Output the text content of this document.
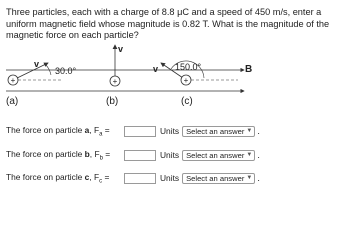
Three particles, each with a charge of 8.8 μC and a speed of 450 m/s, enter a uniform magnetic field whose magnitude is 0.82 T. What is the magnitude of the magnetic force on each particle?
B
+
v
30.0°
(a)
+
v
(b)
+
v 150.0°
(c)
The force on particle a, $F_a$ =	Units Select an answer ▼ .
The force on particle b, $F_b$ =	Units Select an answer ▼ .
The force on particle c, $F_c$ =	Units Select an answer ▼ .
